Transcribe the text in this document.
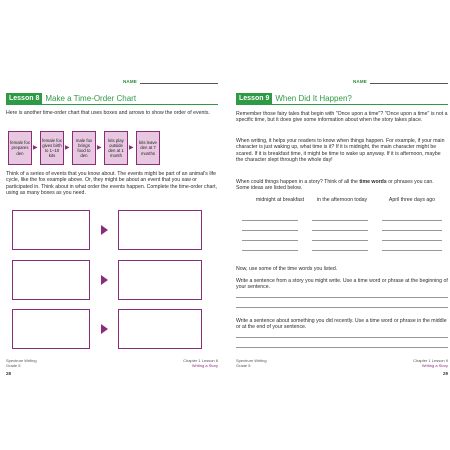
NAME
Lesson 8 Make a Time-Order Chart
Here is another time-order chart that uses boxes and arrows to show the order of events.
female fox prepares den
▶
female fox gives birth to 1–10 kits
▶
male fox brings food to den
▶
kits play outside den at 1 month
▶
kits leave den at 7 months
Think of a series of events that you know about. The events might be part of an animal's life cycle, like the fox example above. Or, they might be about an event that you saw or participated in. Think about in what order the events happen. Complete the time-order chart, using as many boxes as you need.
Spectrum Writing
Grade 5
Chapter 1 Lesson 8
Writing a Story
28
NAME
Lesson 9 When Did It Happen?
Remember those fairy tales that begin with "Once upon a time"? "Once upon a time" is not a specific time, but it does give some information about when the story takes place.
When writing, it helps your readers to know when things happen. For example, if your main character is just waking up, what time is it? If it is midnight, the main character might be scared. If it is breakfast time, it might be time to wake up anyway. If it is afternoon, maybe the character slept through the whole day!
When could things happen in a story? Think of all the time words or phrases you can. Some ideas are listed below.
midnight at breakfast	in the afternoon today	April three days ago
Now, use some of the time words you listed.
Write a sentence from a story you might write. Use a time word or phrase at the beginning of your sentence.
Write a sentence about something you did recently. Use a time word or phrase in the middle or at the end of your sentence.
Spectrum Writing
Grade 5
Chapter 1 Lesson 9
Writing a Story
29
